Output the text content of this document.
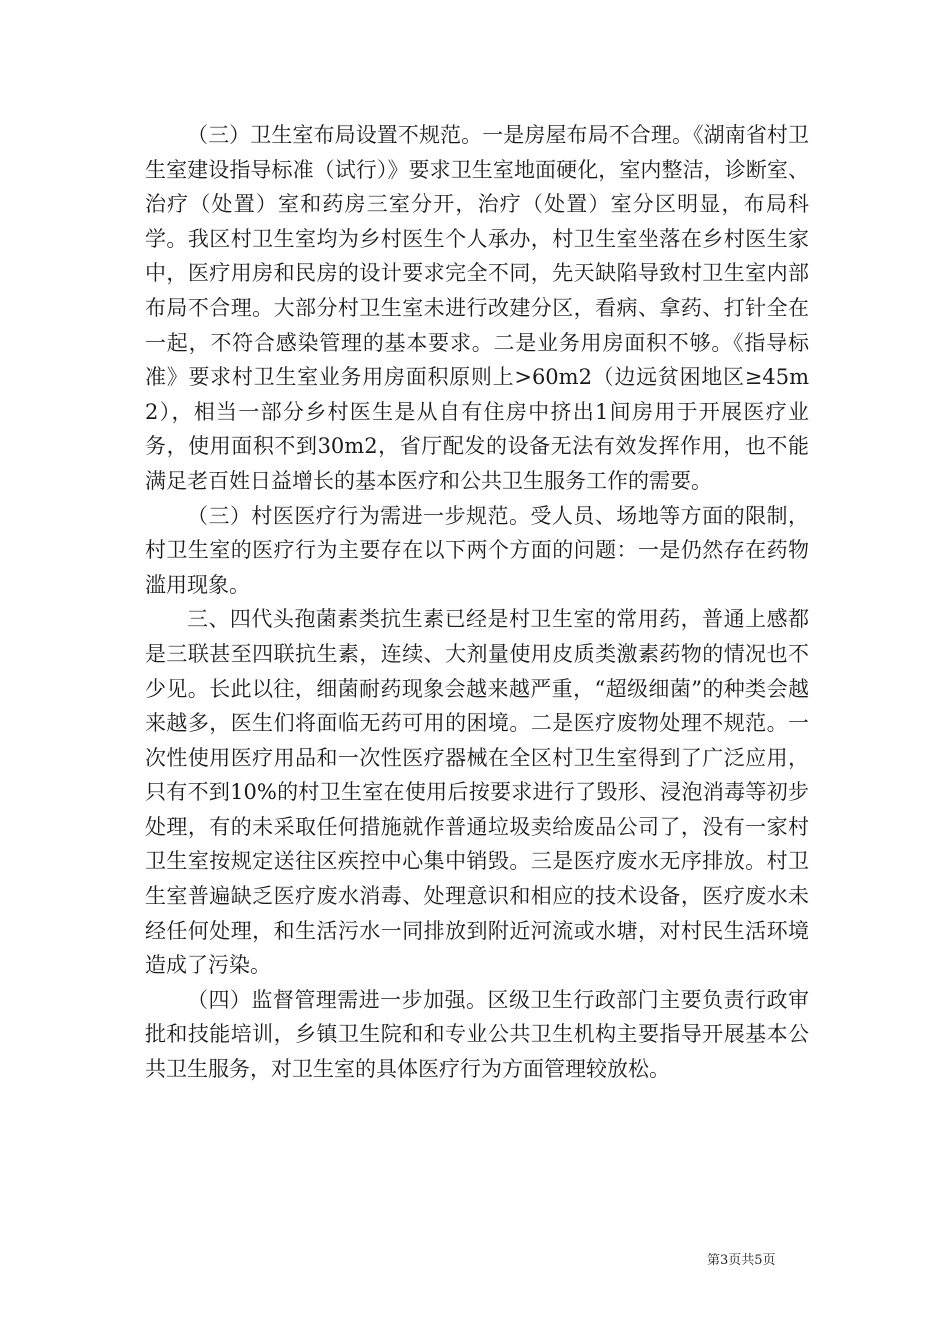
（三）卫生室布局设置不规范。一是房屋布局不合理。《湖南省村卫生室建设指导标准（试行）》要求卫生室地面硬化，室内整洁，诊断室、治疗（处置）室和药房三室分开，治疗（处置）室分区明显，布局科学。我区村卫生室均为乡村医生个人承办，村卫生室坐落在乡村医生家中，医疗用房和民房的设计要求完全不同，先天缺陷导致村卫生室内部布局不合理。大部分村卫生室未进行改建分区，看病、拿药、打针全在一起，不符合感染管理的基本要求。二是业务用房面积不够。《指导标准》要求村卫生室业务用房面积原则上>60m2（边远贫困地区≥45m2），相当一部分乡村医生是从自有住房中挤出1间房用于开展医疗业务，使用面积不到30m2，省厅配发的设备无法有效发挥作用，也不能满足老百姓日益增长的基本医疗和公共卫生服务工作的需要。

（三）村医医疗行为需进一步规范。受人员、场地等方面的限制，村卫生室的医疗行为主要存在以下两个方面的问题：一是仍然存在药物滥用现象。

三、四代头孢菌素类抗生素已经是村卫生室的常用药，普通上感都是三联甚至四联抗生素，连续、大剂量使用皮质类激素药物的情况也不少见。长此以往，细菌耐药现象会越来越严重，“超级细菌”的种类会越来越多，医生们将面临无药可用的困境。二是医疗废物处理不规范。一次性使用医疗用品和一次性医疗器械在全区村卫生室得到了广泛应用，只有不到10%的村卫生室在使用后按要求进行了毁形、浸泡消毒等初步处理，有的未采取任何措施就作普通垃圾卖给废品公司了，没有一家村卫生室按规定送往区疾控中心集中销毁。三是医疗废水无序排放。村卫生室普遍缺乏医疗废水消毒、处理意识和相应的技术设备，医疗废水未经任何处理，和生活污水一同排放到附近河流或水塘，对村民生活环境造成了污染。

（四）监督管理需进一步加强。区级卫生行政部门主要负责行政审批和技能培训，乡镇卫生院和和专业公共卫生机构主要指导开展基本公共卫生服务，对卫生室的具体医疗行为方面管理较放松。

第3页共5页
